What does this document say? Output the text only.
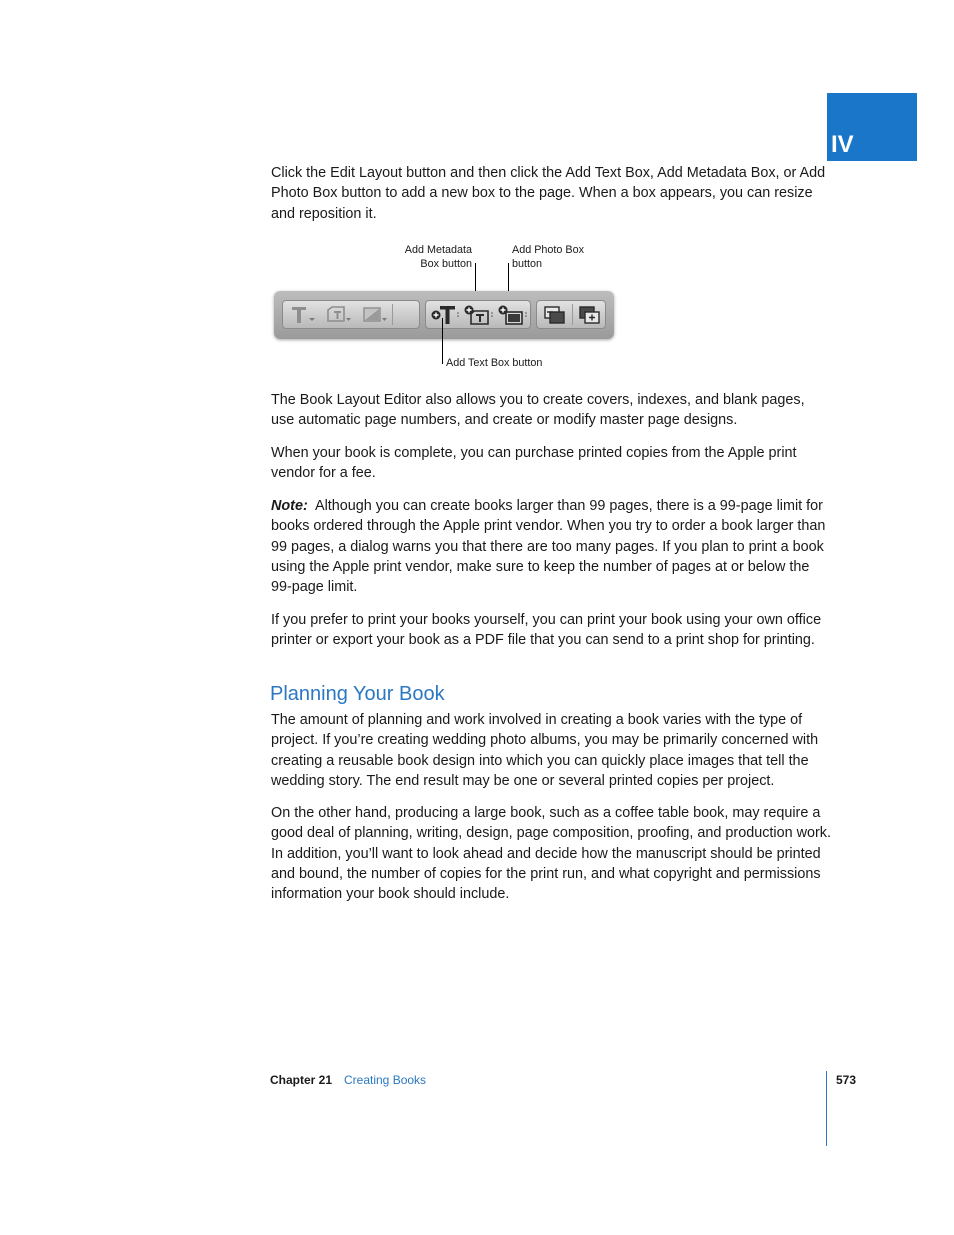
IV

Click the Edit Layout button and then click the Add Text Box, Add Metadata Box, or Add Photo Box button to add a new box to the page. When a box appears, you can resize and reposition it.

Add Metadata
Box button
Add Photo Box
button
Add Text Box button

The Book Layout Editor also allows you to create covers, indexes, and blank pages, use automatic page numbers, and create or modify master page designs.

When your book is complete, you can purchase printed copies from the Apple print vendor for a fee.

Note: Although you can create books larger than 99 pages, there is a 99-page limit for books ordered through the Apple print vendor. When you try to order a book larger than 99 pages, a dialog warns you that there are too many pages. If you plan to print a book using the Apple print vendor, make sure to keep the number of pages at or below the 99-page limit.

If you prefer to print your books yourself, you can print your book using your own office printer or export your book as a PDF file that you can send to a print shop for printing.

Planning Your Book

The amount of planning and work involved in creating a book varies with the type of project. If you’re creating wedding photo albums, you may be primarily concerned with creating a reusable book design into which you can quickly place images that tell the wedding story. The end result may be one or several printed copies per project.

On the other hand, producing a large book, such as a coffee table book, may require a good deal of planning, writing, design, page composition, proofing, and production work. In addition, you’ll want to look ahead and decide how the manuscript should be printed and bound, the number of copies for the print run, and what copyright and permissions information your book should include.

Chapter 21 Creating Books	573
